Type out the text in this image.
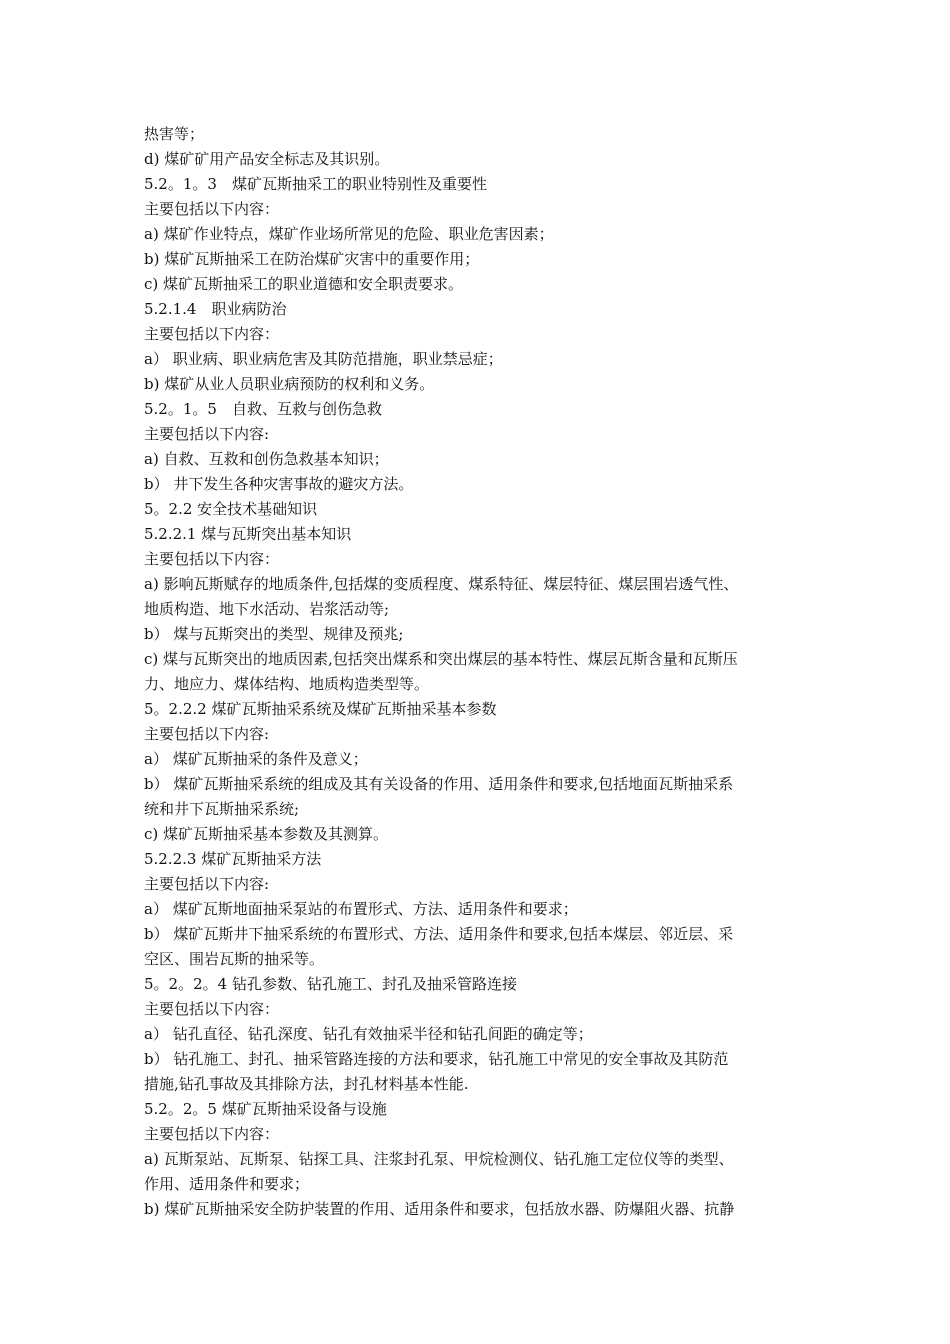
热害等；
d) 煤矿矿用产品安全标志及其识别。
5.2。1。3　煤矿瓦斯抽采工的职业特别性及重要性
主要包括以下内容：
a) 煤矿作业特点，煤矿作业场所常见的危险、职业危害因素；
b) 煤矿瓦斯抽采工在防治煤矿灾害中的重要作用；
c) 煤矿瓦斯抽采工的职业道德和安全职责要求。
5.2.1.4　职业病防治
主要包括以下内容：
a） 职业病、职业病危害及其防范措施，职业禁忌症；
b) 煤矿从业人员职业病预防的权利和义务。
5.2。1。5　自救、互救与创伤急救
主要包括以下内容:
a) 自救、互救和创伤急救基本知识；
b） 井下发生各种灾害事故的避灾方法。
5。2.2 安全技术基础知识
5.2.2.1 煤与瓦斯突出基本知识
主要包括以下内容：
a) 影响瓦斯赋存的地质条件,包括煤的变质程度、煤系特征、煤层特征、煤层围岩透气性、
地质构造、地下水活动、岩浆活动等;
b） 煤与瓦斯突出的类型、规律及预兆;
c) 煤与瓦斯突出的地质因素,包括突出煤系和突出煤层的基本特性、煤层瓦斯含量和瓦斯压
力、地应力、煤体结构、地质构造类型等。
5。2.2.2 煤矿瓦斯抽采系统及煤矿瓦斯抽采基本参数
主要包括以下内容:
a） 煤矿瓦斯抽采的条件及意义；
b） 煤矿瓦斯抽采系统的组成及其有关设备的作用、适用条件和要求,包括地面瓦斯抽采系
统和井下瓦斯抽采系统;
c) 煤矿瓦斯抽采基本参数及其测算。
5.2.2.3 煤矿瓦斯抽采方法
主要包括以下内容:
a） 煤矿瓦斯地面抽采泵站的布置形式、方法、适用条件和要求；
b） 煤矿瓦斯井下抽采系统的布置形式、方法、适用条件和要求,包括本煤层、邻近层、采
空区、围岩瓦斯的抽采等。
5。2。2。4 钻孔参数、钻孔施工、封孔及抽采管路连接
主要包括以下内容：
a） 钻孔直径、钻孔深度、钻孔有效抽采半径和钻孔间距的确定等；
b） 钻孔施工、封孔、抽采管路连接的方法和要求，钻孔施工中常见的安全事故及其防范
措施,钻孔事故及其排除方法，封孔材料基本性能.
5.2。2。5 煤矿瓦斯抽采设备与设施
主要包括以下内容：
a) 瓦斯泵站、瓦斯泵、钻探工具、注浆封孔泵、甲烷检测仪、钻孔施工定位仪等的类型、
作用、适用条件和要求；
b) 煤矿瓦斯抽采安全防护装置的作用、适用条件和要求，包括放水器、防爆阻火器、抗静
